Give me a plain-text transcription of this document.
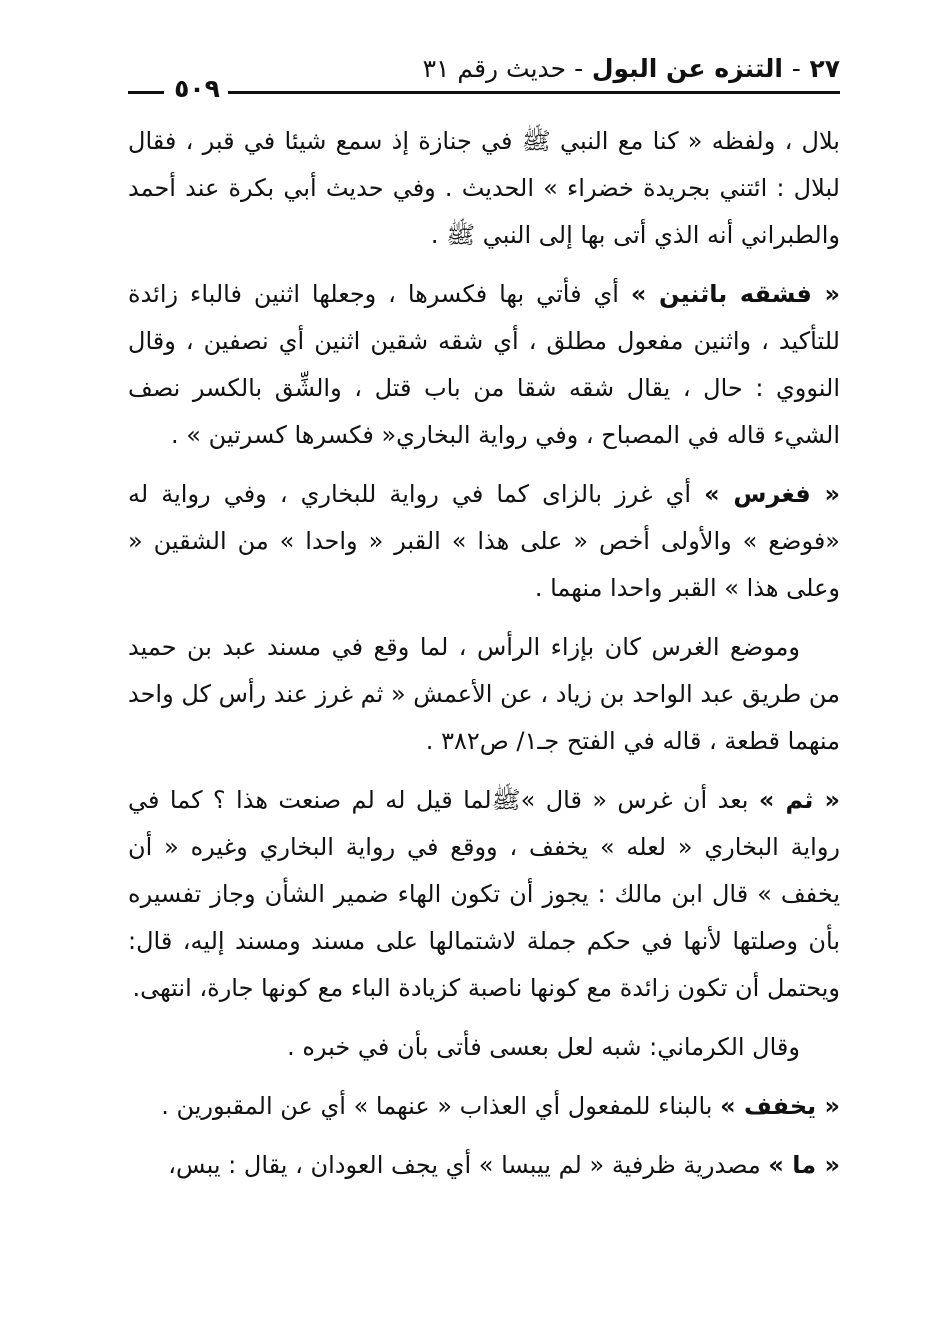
٢٧ - التنزه عن البول - حديث رقم ٣١
٥٠٩

بلال ، ولفظه « كنا مع النبي ﷺ في جنازة إذ سمع شيئا في قبر ، فقال لبلال : ائتني بجريدة خضراء » الحديث . وفي حديث أبي بكرة عند أحمد والطبراني أنه الذي أتى بها إلى النبي ﷺ .

« فشقه باثنين » أي فأتي بها فكسرها ، وجعلها اثنين فالباء زائدة للتأكيد ، واثنين مفعول مطلق ، أي شقه شقين اثنين أي نصفين ، وقال النووي : حال ، يقال شقه شقا من باب قتل ، والشِّق بالكسر نصف الشيء قاله في المصباح ، وفي رواية البخاري« فكسرها كسرتين » .

« فغرس » أي غرز بالزاى كما في رواية للبخاري ، وفي رواية له «فوضع » والأولى أخص « على هذا » القبر « واحدا » من الشقين « وعلى هذا » القبر واحدا منهما .

وموضع الغرس كان بإزاء الرأس ، لما وقع في مسند عبد بن حميد من طريق عبد الواحد بن زياد ، عن الأعمش « ثم غرز عند رأس كل واحد منهما قطعة ، قاله في الفتح جـ١/ ص٣٨٢ .

« ثم » بعد أن غرس « قال »ﷺلما قيل له لم صنعت هذا ؟ كما في رواية البخاري « لعله » يخفف ، ووقع في رواية البخاري وغيره « أن يخفف » قال ابن مالك : يجوز أن تكون الهاء ضمير الشأن وجاز تفسيره بأن وصلتها لأنها في حكم جملة لاشتمالها على مسند ومسند إليه، قال: ويحتمل أن تكون زائدة مع كونها ناصبة كزيادة الباء مع كونها جارة، انتهى.

وقال الكرماني: شبه لعل بعسى فأتى بأن في خبره .

« يخفف » بالبناء للمفعول أي العذاب « عنهما » أي عن المقبورين .

« ما » مصدرية ظرفية « لم ييبسا » أي يجف العودان ، يقال : يبس،
